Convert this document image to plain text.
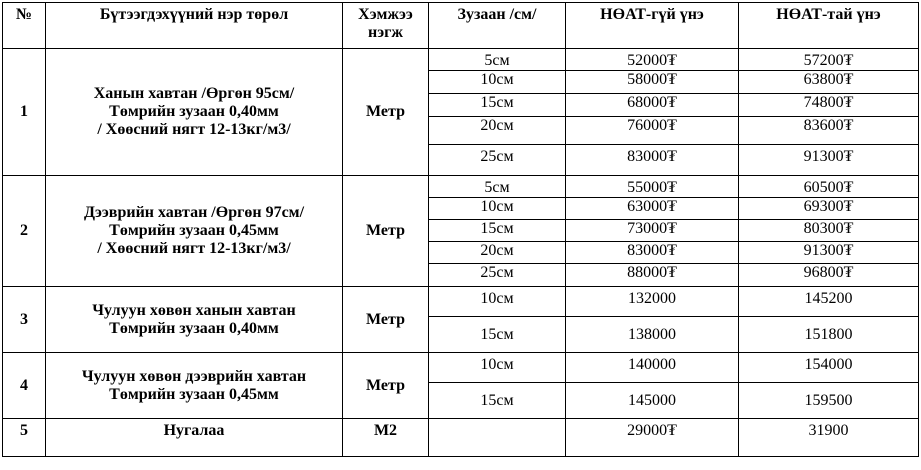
№	Бүтээгдэхүүний нэр төрөл	Хэмжээ нэгж	Зузаан /см/	НӨАТ-гүй үнэ	НӨАТ-тай үнэ
1	Ханын хавтан /Өргөн 95см/
Төмрийн зузаан 0,40мм
/ Хөөсний нягт 12-13кг/м3/	Метр	5см	52000₮	57200₮
			10см	58000₮	63800₮
			15см	68000₮	74800₮
			20см	76000₮	83600₮
			25см	83000₮	91300₮
2	Дээврийн хавтан /Өргөн 97см/
Төмрийн зузаан 0,45мм
/ Хөөсний нягт 12-13кг/м3/	Метр	5см	55000₮	60500₮
			10см	63000₮	69300₮
			15см	73000₮	80300₮
			20см	83000₮	91300₮
			25см	88000₮	96800₮
3	Чулуун хөвөн ханын хавтан
Төмрийн зузаан 0,40мм	Метр	10см	132000	145200
			15см	138000	151800
4	Чулуун хөвөн дээврийн хавтан
Төмрийн зузаан 0,45мм	Метр	10см	140000	154000
			15см	145000	159500
5	Нугалаа	М2		29000₮	31900
